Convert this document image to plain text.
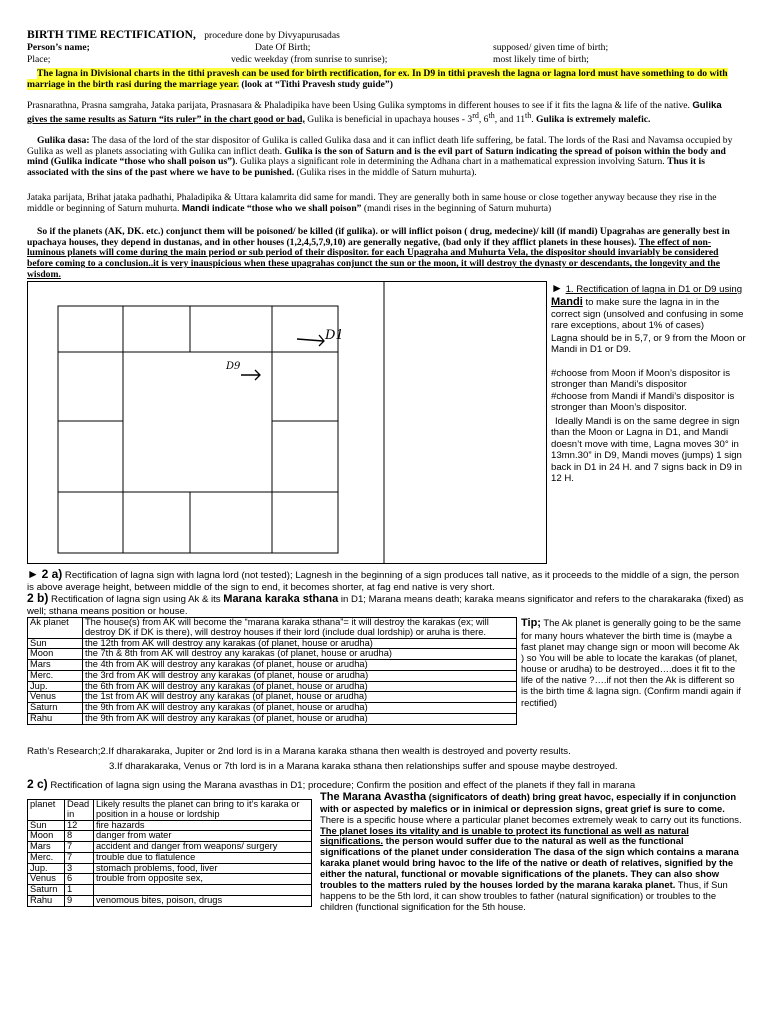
BIRTH TIME RECTIFICATION, procedure done by Divyapurusadas
Person’s name;	Date Of Birth;	supposed/ given time of birth;
Place;	vedic weekday (from sunrise to sunrise);	most likely time of birth;
The lagna in Divisional charts in the tithi pravesh can be used for birth rectification, for ex. In D9 in tithi pravesh the lagna or lagna lord must have something to do with marriage in the birth rasi during the marriage year. (look at “Tithi Pravesh study guide”)
Prasnarathna, Prasna samgraha, Jataka parijata, Prasnasara & Phaladipika have been Using Gulika symptoms in different houses to see if it fits the lagna & life of the native. Gulika gives the same results as Saturn “its ruler” in the chart good or bad, Gulika is beneficial in upachaya houses - 3rd, 6th, and 11th. Gulika is extremely malefic.
Gulika dasa: The dasa of the lord of the star dispositor of Gulika is called Gulika dasa and it can inflict death life suffering, be fatal. The lords of the Rasi and Navamsa occupied by Gulika as well as planets associating with Gulika can inflict death. Gulika is the son of Saturn and is the evil part of Saturn indicating the spread of poison within the body and mind (Gulika indicate “those who shall poison us”). Gulika plays a significant role in determining the Adhana chart in a mathematical expression involving Saturn. Thus it is associated with the sins of the past where we have to be punished. (Gulika rises in the middle of Saturn muhurta).
Jataka parijata, Brihat jataka padhathi, Phaladipika & Uttara kalamrita did same for mandi. They are generally both in same house or close together anyway because they rise in the middle or beginning of Saturn muhurta. Mandi indicate “those who we shall poison” (mandi rises in the beginning of Saturn muhurta)
So if the planets (AK, DK. etc.) conjunct them will be poisoned/ be killed (if gulika). or will inflict poison ( drug, medecine)/ kill (if mandi) Upagrahas are generally best in upachaya houses, they depend in dustanas, and in other houses (1,2,4,5,7,9,10) are generally negative, (bad only if they afflict planets in these houses). The effect of non-luminous planets will come during the main period or sub period of their dispositor. for each Upagraha and Muhurta Vela, the dispositor should invariably be considered before coming to a conclusion..it is very inauspicious when these upagrahas conjunct the sun or the moon, it will destroy the dynasty or descendants, the longevity and the wisdom.
D1
D9
► 1. Rectification of lagna in D1 or D9 using Mandi to make sure the lagna in in the correct sign (unsolved and confusing in some rare exceptions, about 1% of cases)
Lagna should be in 5,7, or 9 from the Moon or Mandi in D1 or D9.
#choose from Moon if Moon’s dispositor is stronger than Mandi’s dispositor
#choose from Mandi if Mandi’s dispositor is stronger than Moon’s dispositor.
Ideally Mandi is on the same degree in sign than the Moon or Lagna in D1, and Mandi doesn’t move with time, Lagna moves 30° in 13mn.30” in D9, Mandi moves (jumps) 1 sign back in D1 in 24 H. and 7 signs back in D9 in 12 H.
► 2 a) Rectification of lagna sign with lagna lord (not tested); Lagnesh in the beginning of a sign produces tall native, as it proceeds to the middle of a sign, the person is above average height, between middle of the sign to end, it becomes shorter, at fag end native is very short.
2 b) Rectification of lagna sign using Ak & its Marana karaka sthana in D1; Marana means death; karaka means significator and refers to the charakaraka (fixed) as well; sthana means position or house.
Ak planet	The house(s) from AK will become the “marana karaka sthana”= it will destroy the karakas (ex; will destroy DK if DK is there), will destroy houses if their lord (include dual lordship) or aruha is there.
Sun	the 12th from AK will destroy any karakas (of planet, house or arudha)
Moon	the 7th & 8th from AK will destroy any karakas (of planet, house or arudha)
Mars	the 4th from AK will destroy any karakas (of planet, house or arudha)
Merc.	the 3rd from AK will destroy any karakas (of planet, house or arudha)
Jup.	the 6th from AK will destroy any karakas (of planet, house or arudha)
Venus	the 1st from AK will destroy any karakas (of planet, house or arudha)
Saturn	the 9th from AK will destroy any karakas (of planet, house or arudha)
Rahu	the 9th from AK will destroy any karakas (of planet, house or arudha)
Tip; The Ak planet is generally going to be the same for many hours whatever the birth time is (maybe a fast planet may change sign or moon will become Ak ) so You will be able to locate the karakas (of planet, house or arudha) to be destroyed….does it fit to the life of the native ?….if not then the Ak is different so is the birth time & lagna sign. (Confirm mandi again if rectified)
Rath’s Research;2.If dharakaraka, Jupiter or 2nd lord is in a Marana karaka sthana then wealth is destroyed and poverty results.
3.If dharakaraka, Venus or 7th lord is in a Marana karaka sthana then relationships suffer and spouse maybe destroyed.
2 c) Rectification of lagna sign using the Marana avasthas in D1; procedure; Confirm the position and effect of the planets if they fall in marana
planet	Dead in	Likely results the planet can bring to it’s karaka or position in a house or lordship
Sun	12	fire hazards
Moon	8	danger from water
Mars	7	accident and danger from weapons/ surgery
Merc.	7	trouble due to flatulence
Jup.	3	stomach problems, food, liver
Venus	6	trouble from opposite sex,
Saturn	1	
Rahu	9	venomous bites, poison, drugs
The Marana Avastha (significators of death) bring great havoc, especially if in conjunction with or aspected by malefics or in inimical or depression signs, great grief is sure to come. There is a specific house where a particular planet becomes extremely weak to carry out its functions. The planet loses its vitality and is unable to protect its functional as well as natural significations. the person would suffer due to the natural as well as the functional significations of the planet under consideration The dasa of the sign which contains a marana karaka planet would bring havoc to the life of the native or death of relatives, signified by the either the natural, functional or movable significations of the planets. They can also show troubles to the matters ruled by the houses lorded by the marana karaka planet. Thus, if Sun happens to be the 5th lord, it can show troubles to father (natural signification) or troubles to the children (functional signification for the 5th house.
